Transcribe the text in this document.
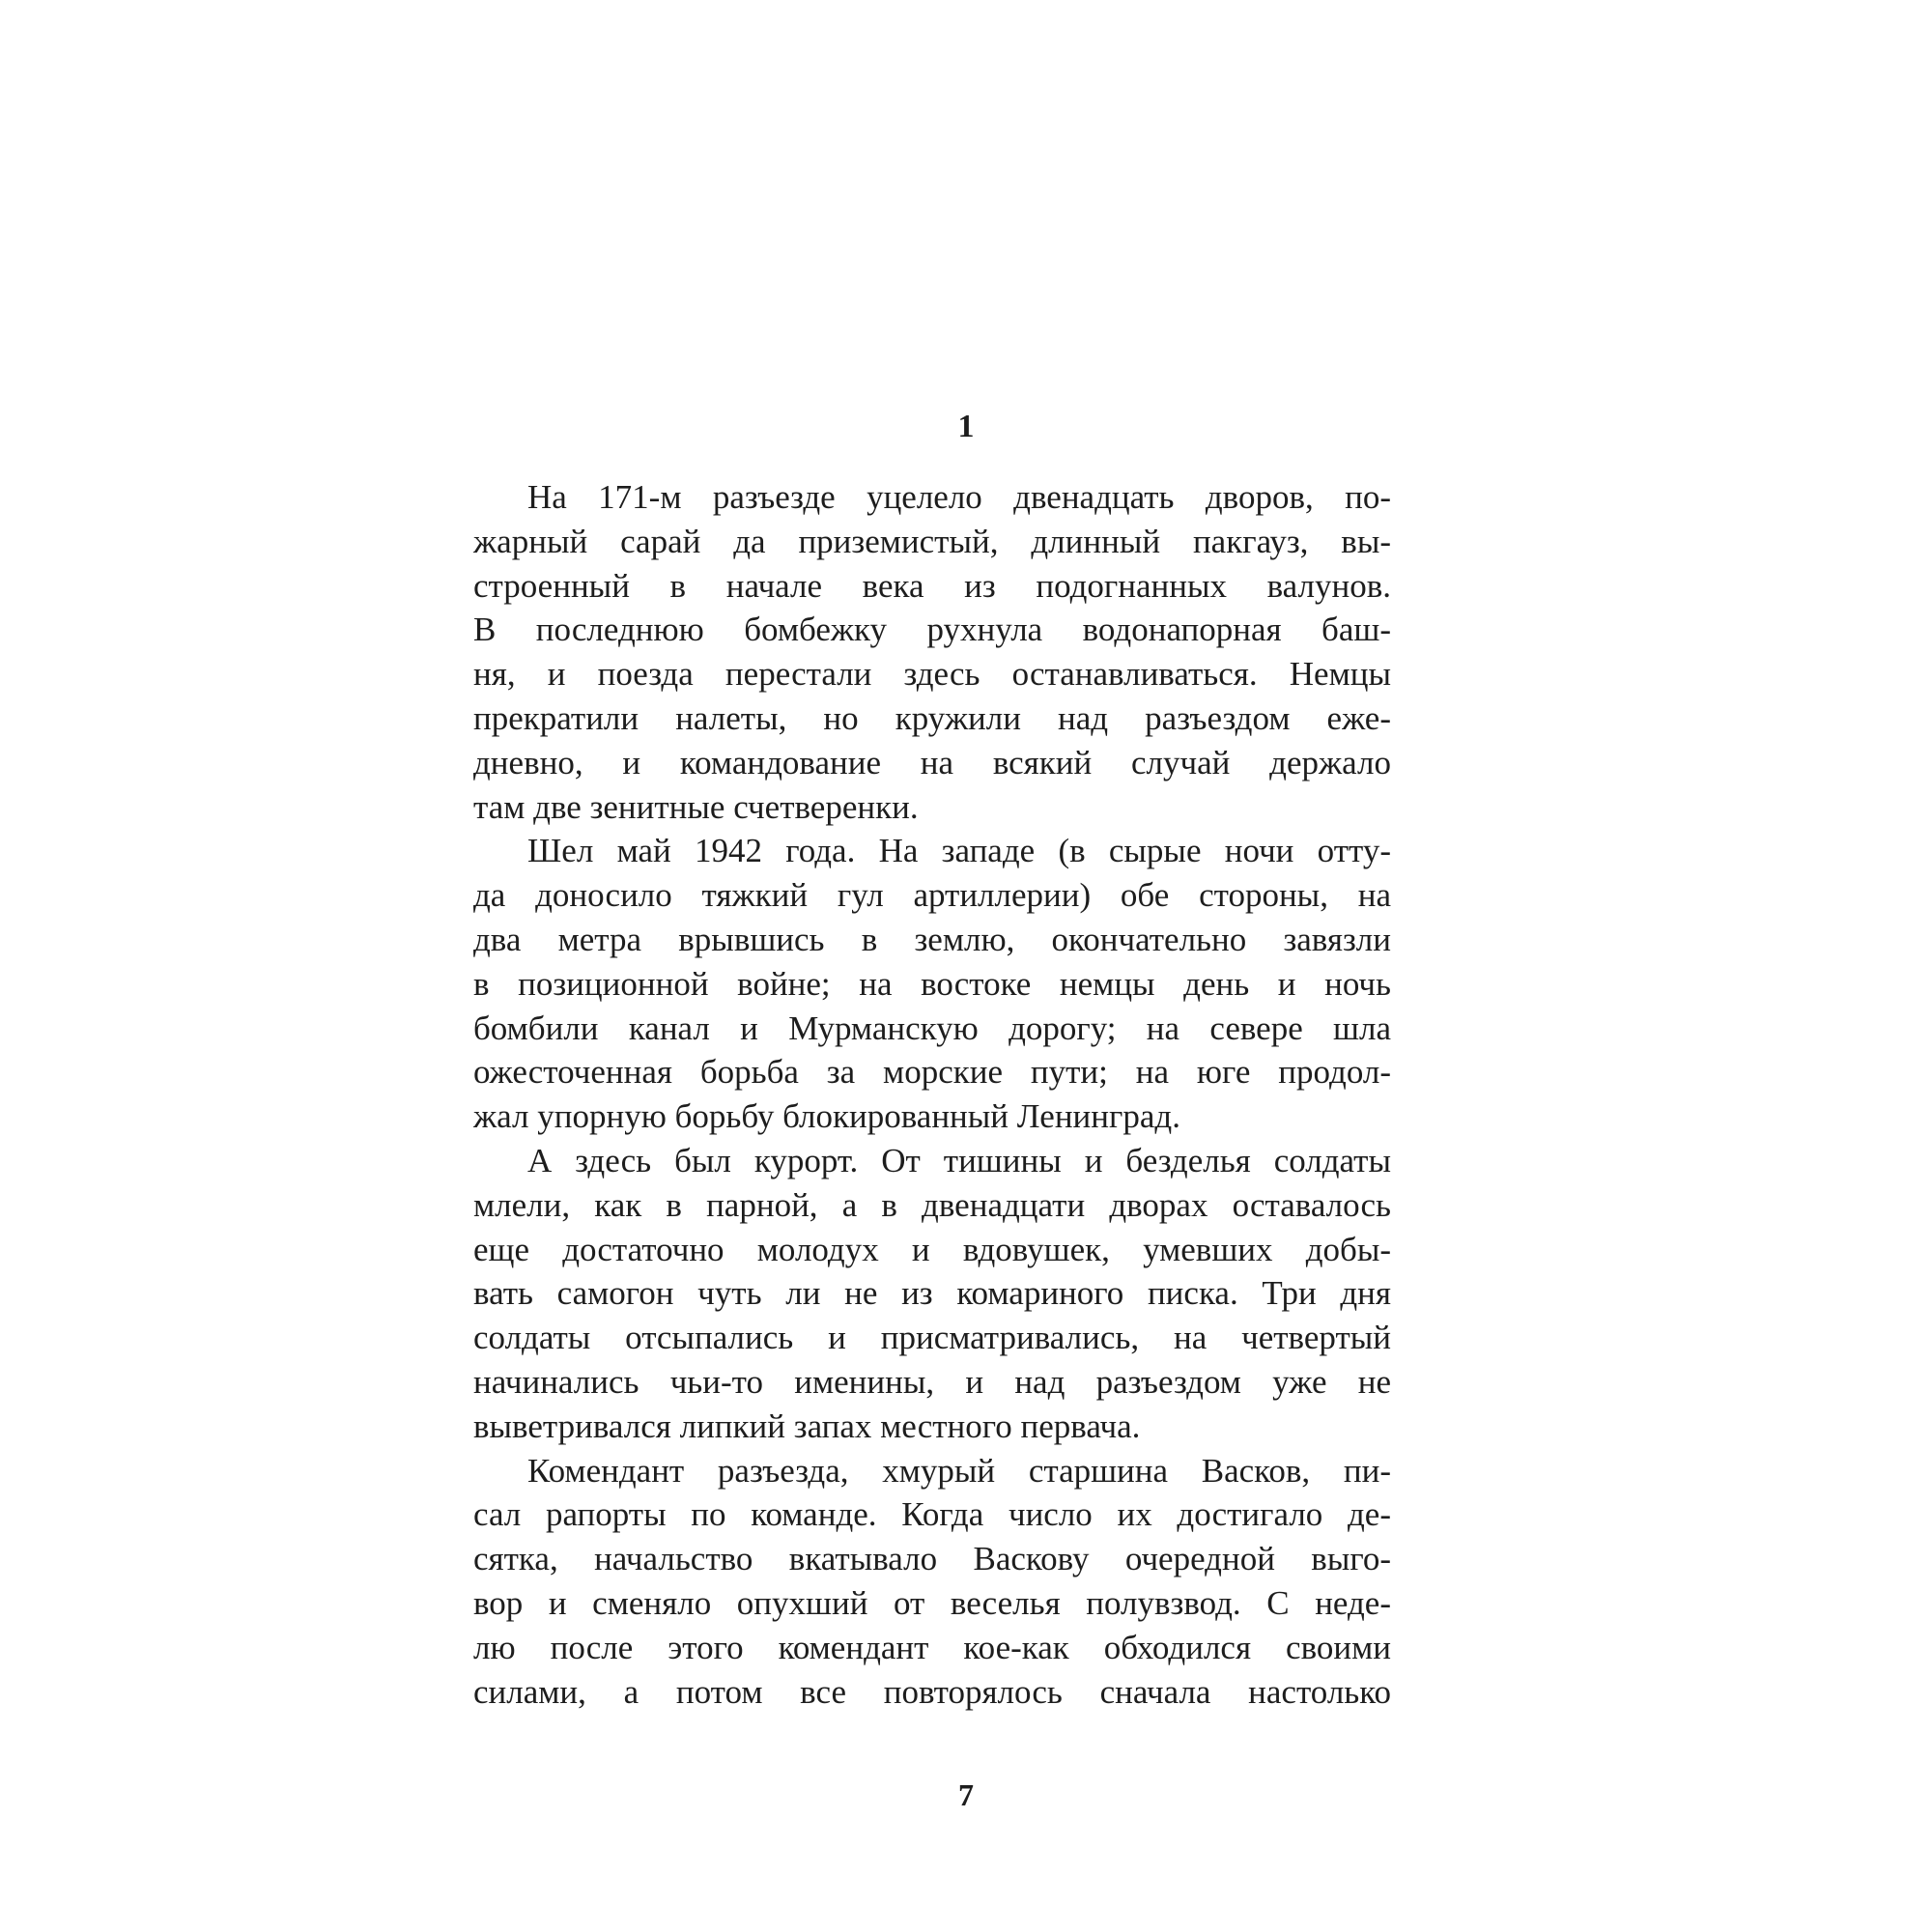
1
На 171-м разъезде уцелело двенадцать дворов, по-
жарный сарай да приземистый, длинный пакгауз, вы-
строенный в начале века из подогнанных валунов.
В последнюю бомбежку рухнула водонапорная баш-
ня, и поезда перестали здесь останавливаться. Немцы
прекратили налеты, но кружили над разъездом еже-
дневно, и командование на всякий случай держало
там две зенитные счетверенки.
Шел май 1942 года. На западе (в сырые ночи отту-
да доносило тяжкий гул артиллерии) обе стороны, на
два метра врывшись в землю, окончательно завязли
в позиционной войне; на востоке немцы день и ночь
бомбили канал и Мурманскую дорогу; на севере шла
ожесточенная борьба за морские пути; на юге продол-
жал упорную борьбу блокированный Ленинград.
А здесь был курорт. От тишины и безделья солдаты
млели, как в парной, а в двенадцати дворах оставалось
еще достаточно молодух и вдовушек, умевших добы-
вать самогон чуть ли не из комариного писка. Три дня
солдаты отсыпались и присматривались, на четвертый
начинались чьи-то именины, и над разъездом уже не
выветривался липкий запах местного первача.
Комендант разъезда, хмурый старшина Васков, пи-
сал рапорты по команде. Когда число их достигало де-
сятка, начальство вкатывало Васкову очередной выго-
вор и сменяло опухший от веселья полувзвод. С неде-
лю после этого комендант кое-как обходился своими
силами, а потом все повторялось сначала настолько
7
